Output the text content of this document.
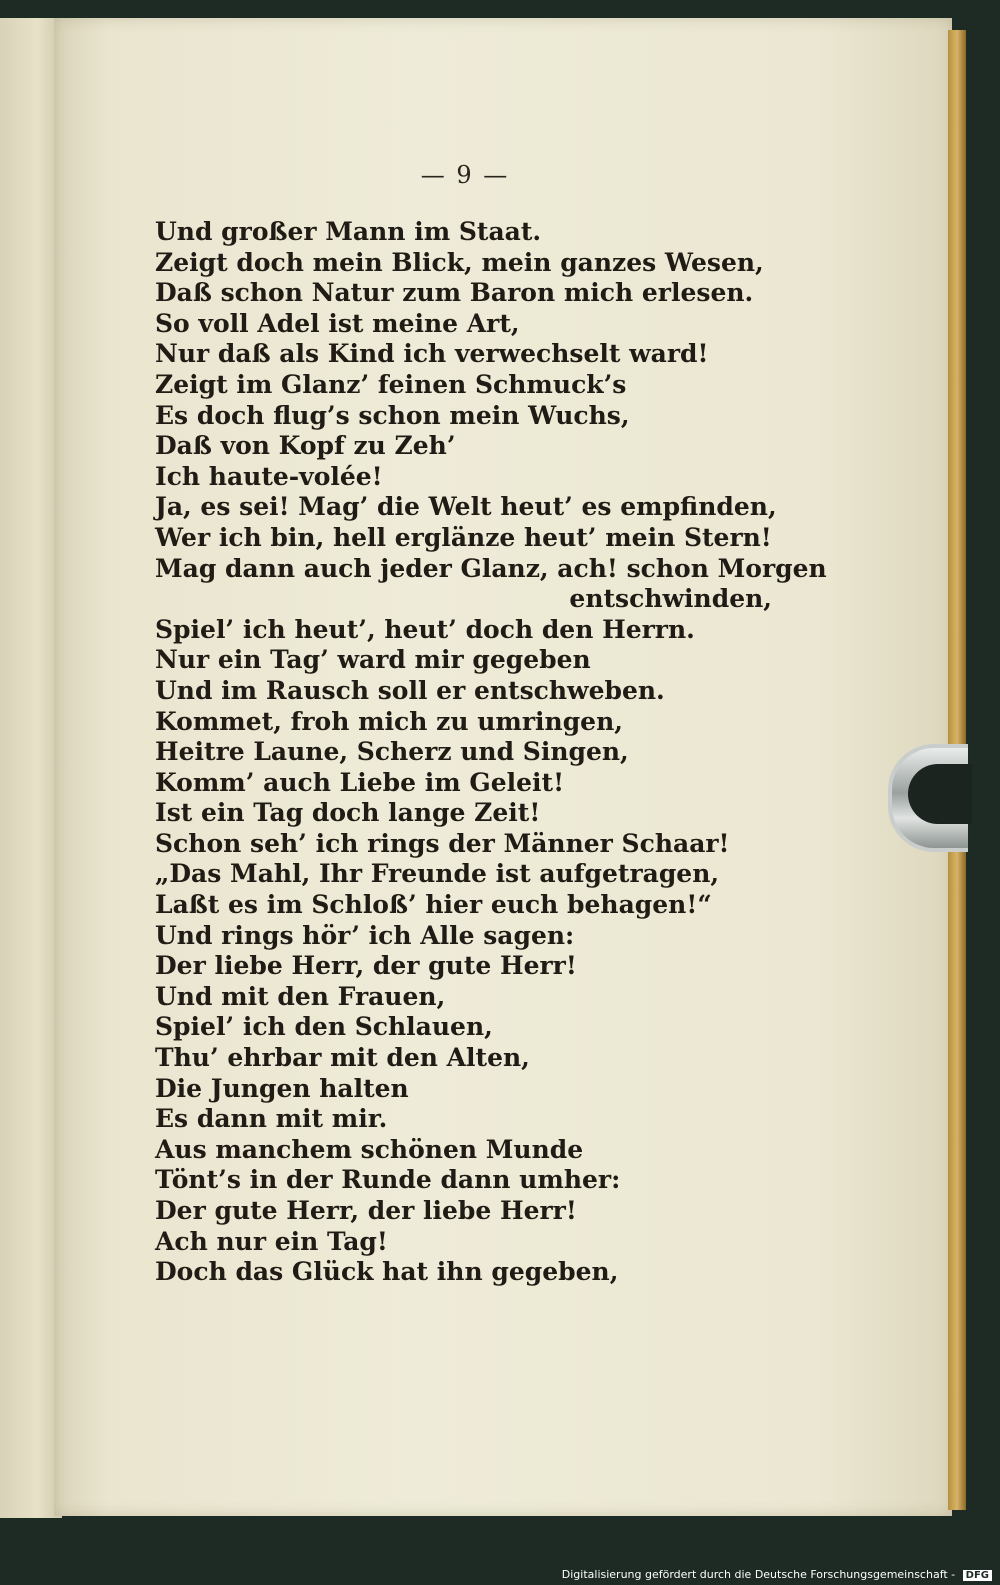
— 9 —
Und großer Mann im Staat.
Zeigt doch mein Blick, mein ganzes Wesen,
Daß schon Natur zum Baron mich erlesen.
So voll Adel ist meine Art,
Nur daß als Kind ich verwechselt ward!
Zeigt im Glanz’ feinen Schmuck’s
Es doch flug’s schon mein Wuchs,
Daß von Kopf zu Zeh’
Ich haute-volée!
Ja, es sei! Mag’ die Welt heut’ es empfinden,
Wer ich bin, hell erglänze heut’ mein Stern!
Mag dann auch jeder Glanz, ach! schon Morgen
entschwinden,
Spiel’ ich heut’, heut’ doch den Herrn.
Nur ein Tag’ ward mir gegeben
Und im Rausch soll er entschweben.
Kommet, froh mich zu umringen,
Heitre Laune, Scherz und Singen,
Komm’ auch Liebe im Geleit!
Ist ein Tag doch lange Zeit!
Schon seh’ ich rings der Männer Schaar!
„Das Mahl, Ihr Freunde ist aufgetragen,
Laßt es im Schloß’ hier euch behagen!“
Und rings hör’ ich Alle sagen:
Der liebe Herr, der gute Herr!
Und mit den Frauen,
Spiel’ ich den Schlauen,
Thu’ ehrbar mit den Alten,
Die Jungen halten
Es dann mit mir.
Aus manchem schönen Munde
Tönt’s in der Runde dann umher:
Der gute Herr, der liebe Herr!
Ach nur ein Tag!
Doch das Glück hat ihn gegeben,
Digitalisierung gefördert durch die Deutsche Forschungsgemeinschaft - DFG
